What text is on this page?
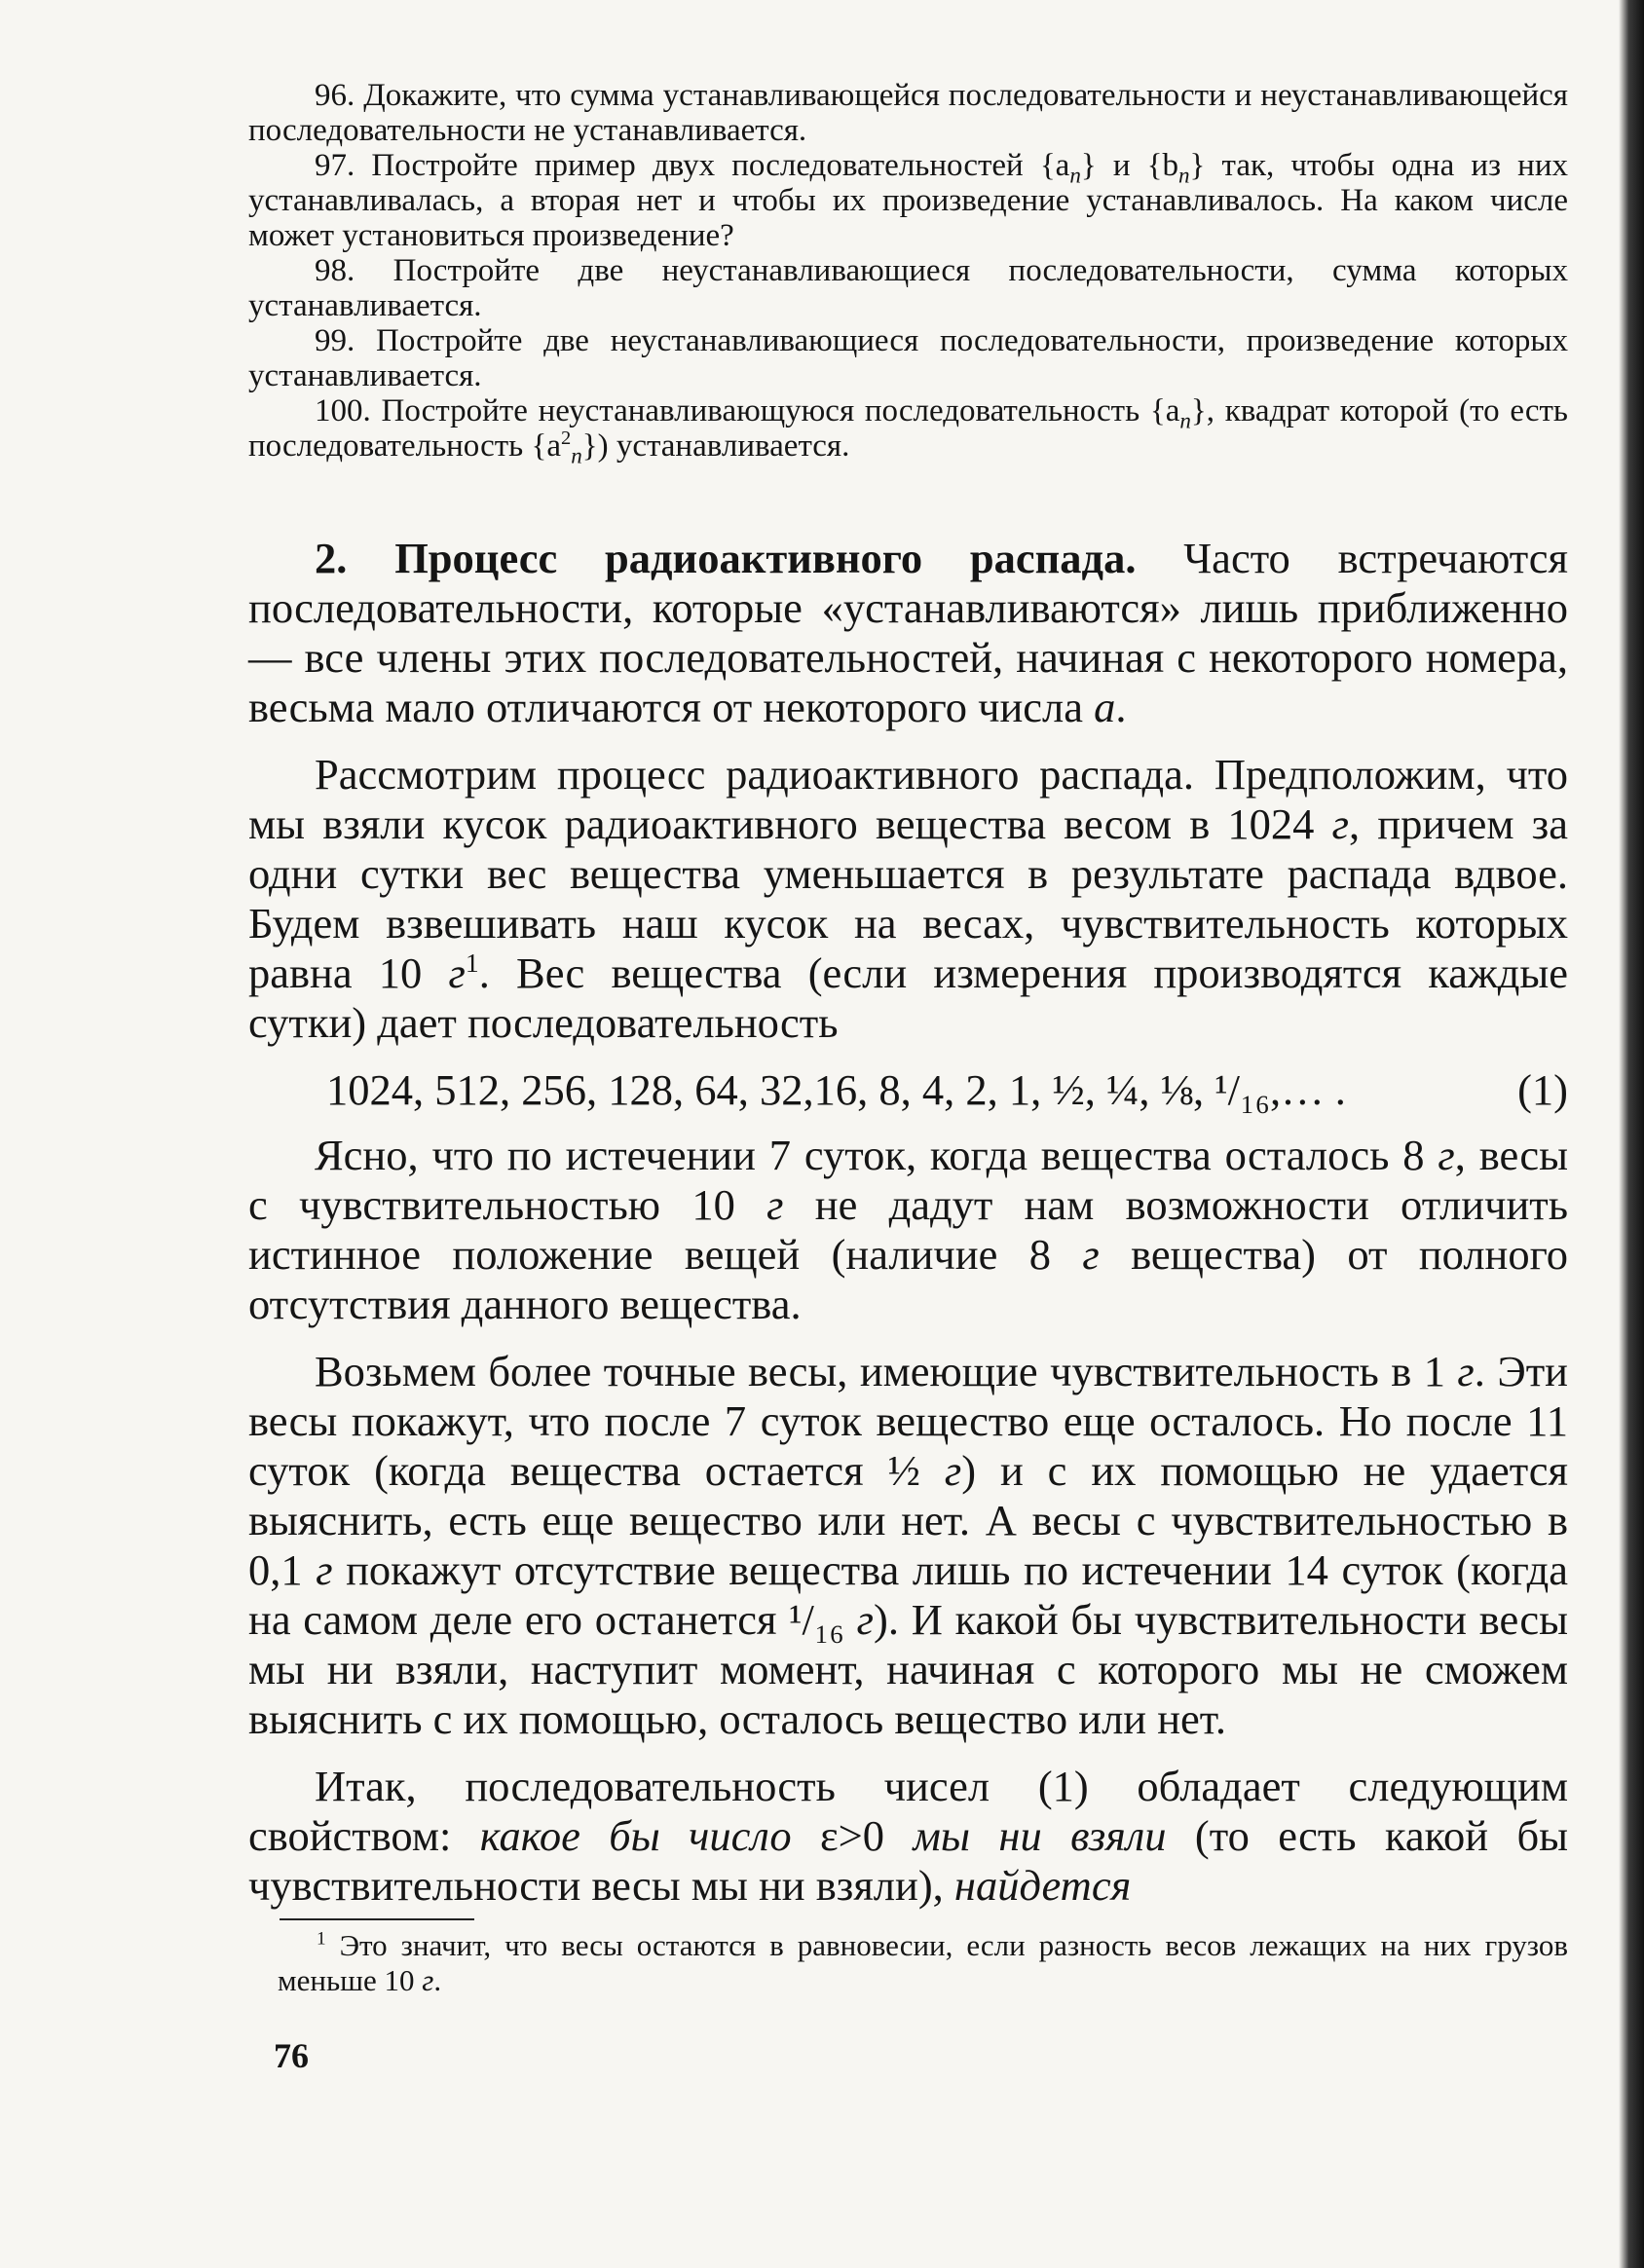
96. Докажите, что сумма устанавливающейся последовательности и неустанавливающейся последовательности не устанавливается.

97. Постройте пример двух последовательностей $\{a_n\}$ и $\{b_n\}$ так, чтобы одна из них устанавливалась, а вторая нет и чтобы их произведение устанавливалось. На каком числе может установиться произведение?

98. Постройте две неустанавливающиеся последовательности, сумма которых устанавливается.

99. Постройте две неустанавливающиеся последовательности, произведение которых устанавливается.

100. Постройте неустанавливающуюся последовательность $\{a_n\}$, квадрат которой (то есть последовательность $\{a^2_n\}$) устанавливается.

2. Процесс радиоактивного распада. Часто встречаются последовательности, которые «устанавливаются» лишь приближенно — все члены этих последовательностей, начиная с некоторого номера, весьма мало отличаются от некоторого числа a.

Рассмотрим процесс радиоактивного распада. Предположим, что мы взяли кусок радиоактивного вещества весом в 1024 г, причем за одни сутки вес вещества уменьшается в результате распада вдвое. Будем взвешивать наш кусок на весах, чувствительность которых равна 10 $г^1$. Вес вещества (если измерения производятся каждые сутки) дает последовательность

1024, 512, 256, 128, 64, 32,16, 8, 4, 2, 1, ½, ¼, ⅛, ¹/₁₆,… .	(1)

Ясно, что по истечении 7 суток, когда вещества осталось 8 г, весы с чувствительностью 10 г не дадут нам возможности отличить истинное положение вещей (наличие 8 г вещества) от полного отсутствия данного вещества.

Возьмем более точные весы, имеющие чувствительность в 1 г. Эти весы покажут, что после 7 суток вещество еще осталось. Но после 11 суток (когда вещества остается ½ г) и с их помощью не удается выяснить, есть еще вещество или нет. А весы с чувствительностью в 0,1 г покажут отсутствие вещества лишь по истечении 14 суток (когда на самом деле его останется ¹/₁₆ г). И какой бы чувствительности весы мы ни взяли, наступит момент, начиная с которого мы не сможем выяснить с их помощью, осталось вещество или нет.

Итак, последовательность чисел (1) обладает следующим свойством: какое бы число ε>0 мы ни взяли (то есть какой бы чувствительности весы мы ни взяли), найдется

$^1$ Это значит, что весы остаются в равновесии, если разность весов лежащих на них грузов меньше 10 г.

76
